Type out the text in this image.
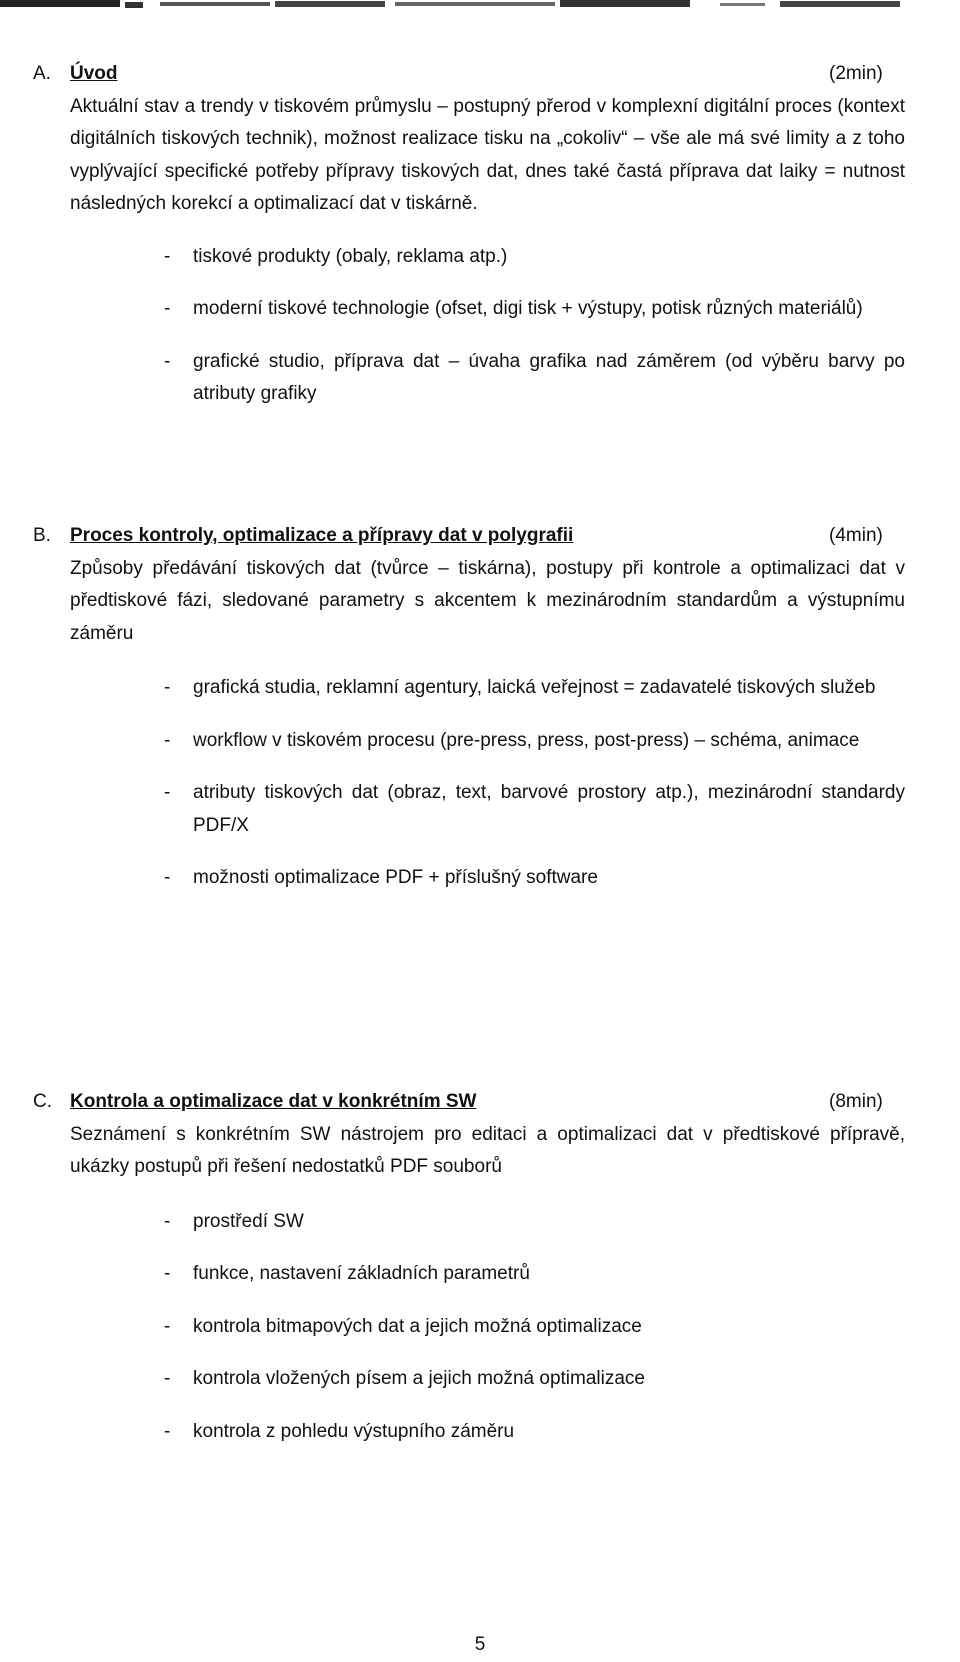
A.	Úvod	(2min)
Aktuální stav a trendy v tiskovém průmyslu – postupný přerod v komplexní digitální proces (kontext digitálních tiskových technik), možnost realizace tisku na „cokoliv“ – vše ale má své limity a z toho vyplývající specifické potřeby přípravy tiskových dat, dnes také častá příprava dat laiky = nutnost následných korekcí a optimalizací dat v tiskárně.
- tiskové produkty (obaly, reklama atp.)
- moderní tiskové technologie (ofset, digi tisk + výstupy, potisk různých materiálů)
- grafické studio, příprava dat – úvaha grafika nad záměrem (od výběru barvy po atributy grafiky
B.	Proces kontroly, optimalizace a přípravy dat v polygrafii	(4min)
Způsoby předávání tiskových dat (tvůrce – tiskárna), postupy při kontrole a optimalizaci dat v předtiskové fázi, sledované parametry s akcentem k mezinárodním standardům a výstupnímu záměru
- grafická studia, reklamní agentury, laická veřejnost = zadavatelé tiskových služeb
- workflow v tiskovém procesu (pre-press, press, post-press) – schéma, animace
- atributy tiskových dat (obraz, text, barvové prostory atp.), mezinárodní standardy PDF/X
- možnosti optimalizace PDF + příslušný software
C. Kontrola a optimalizace dat v konkrétním SW	(8min)
Seznámení s konkrétním SW nástrojem pro editaci a optimalizaci dat v předtiskové přípravě, ukázky postupů při řešení nedostatků PDF souborů
- prostředí SW
- funkce, nastavení základních parametrů
- kontrola bitmapových dat a jejich možná optimalizace
- kontrola vložených písem a jejich možná optimalizace
- kontrola z pohledu výstupního záměru
5
